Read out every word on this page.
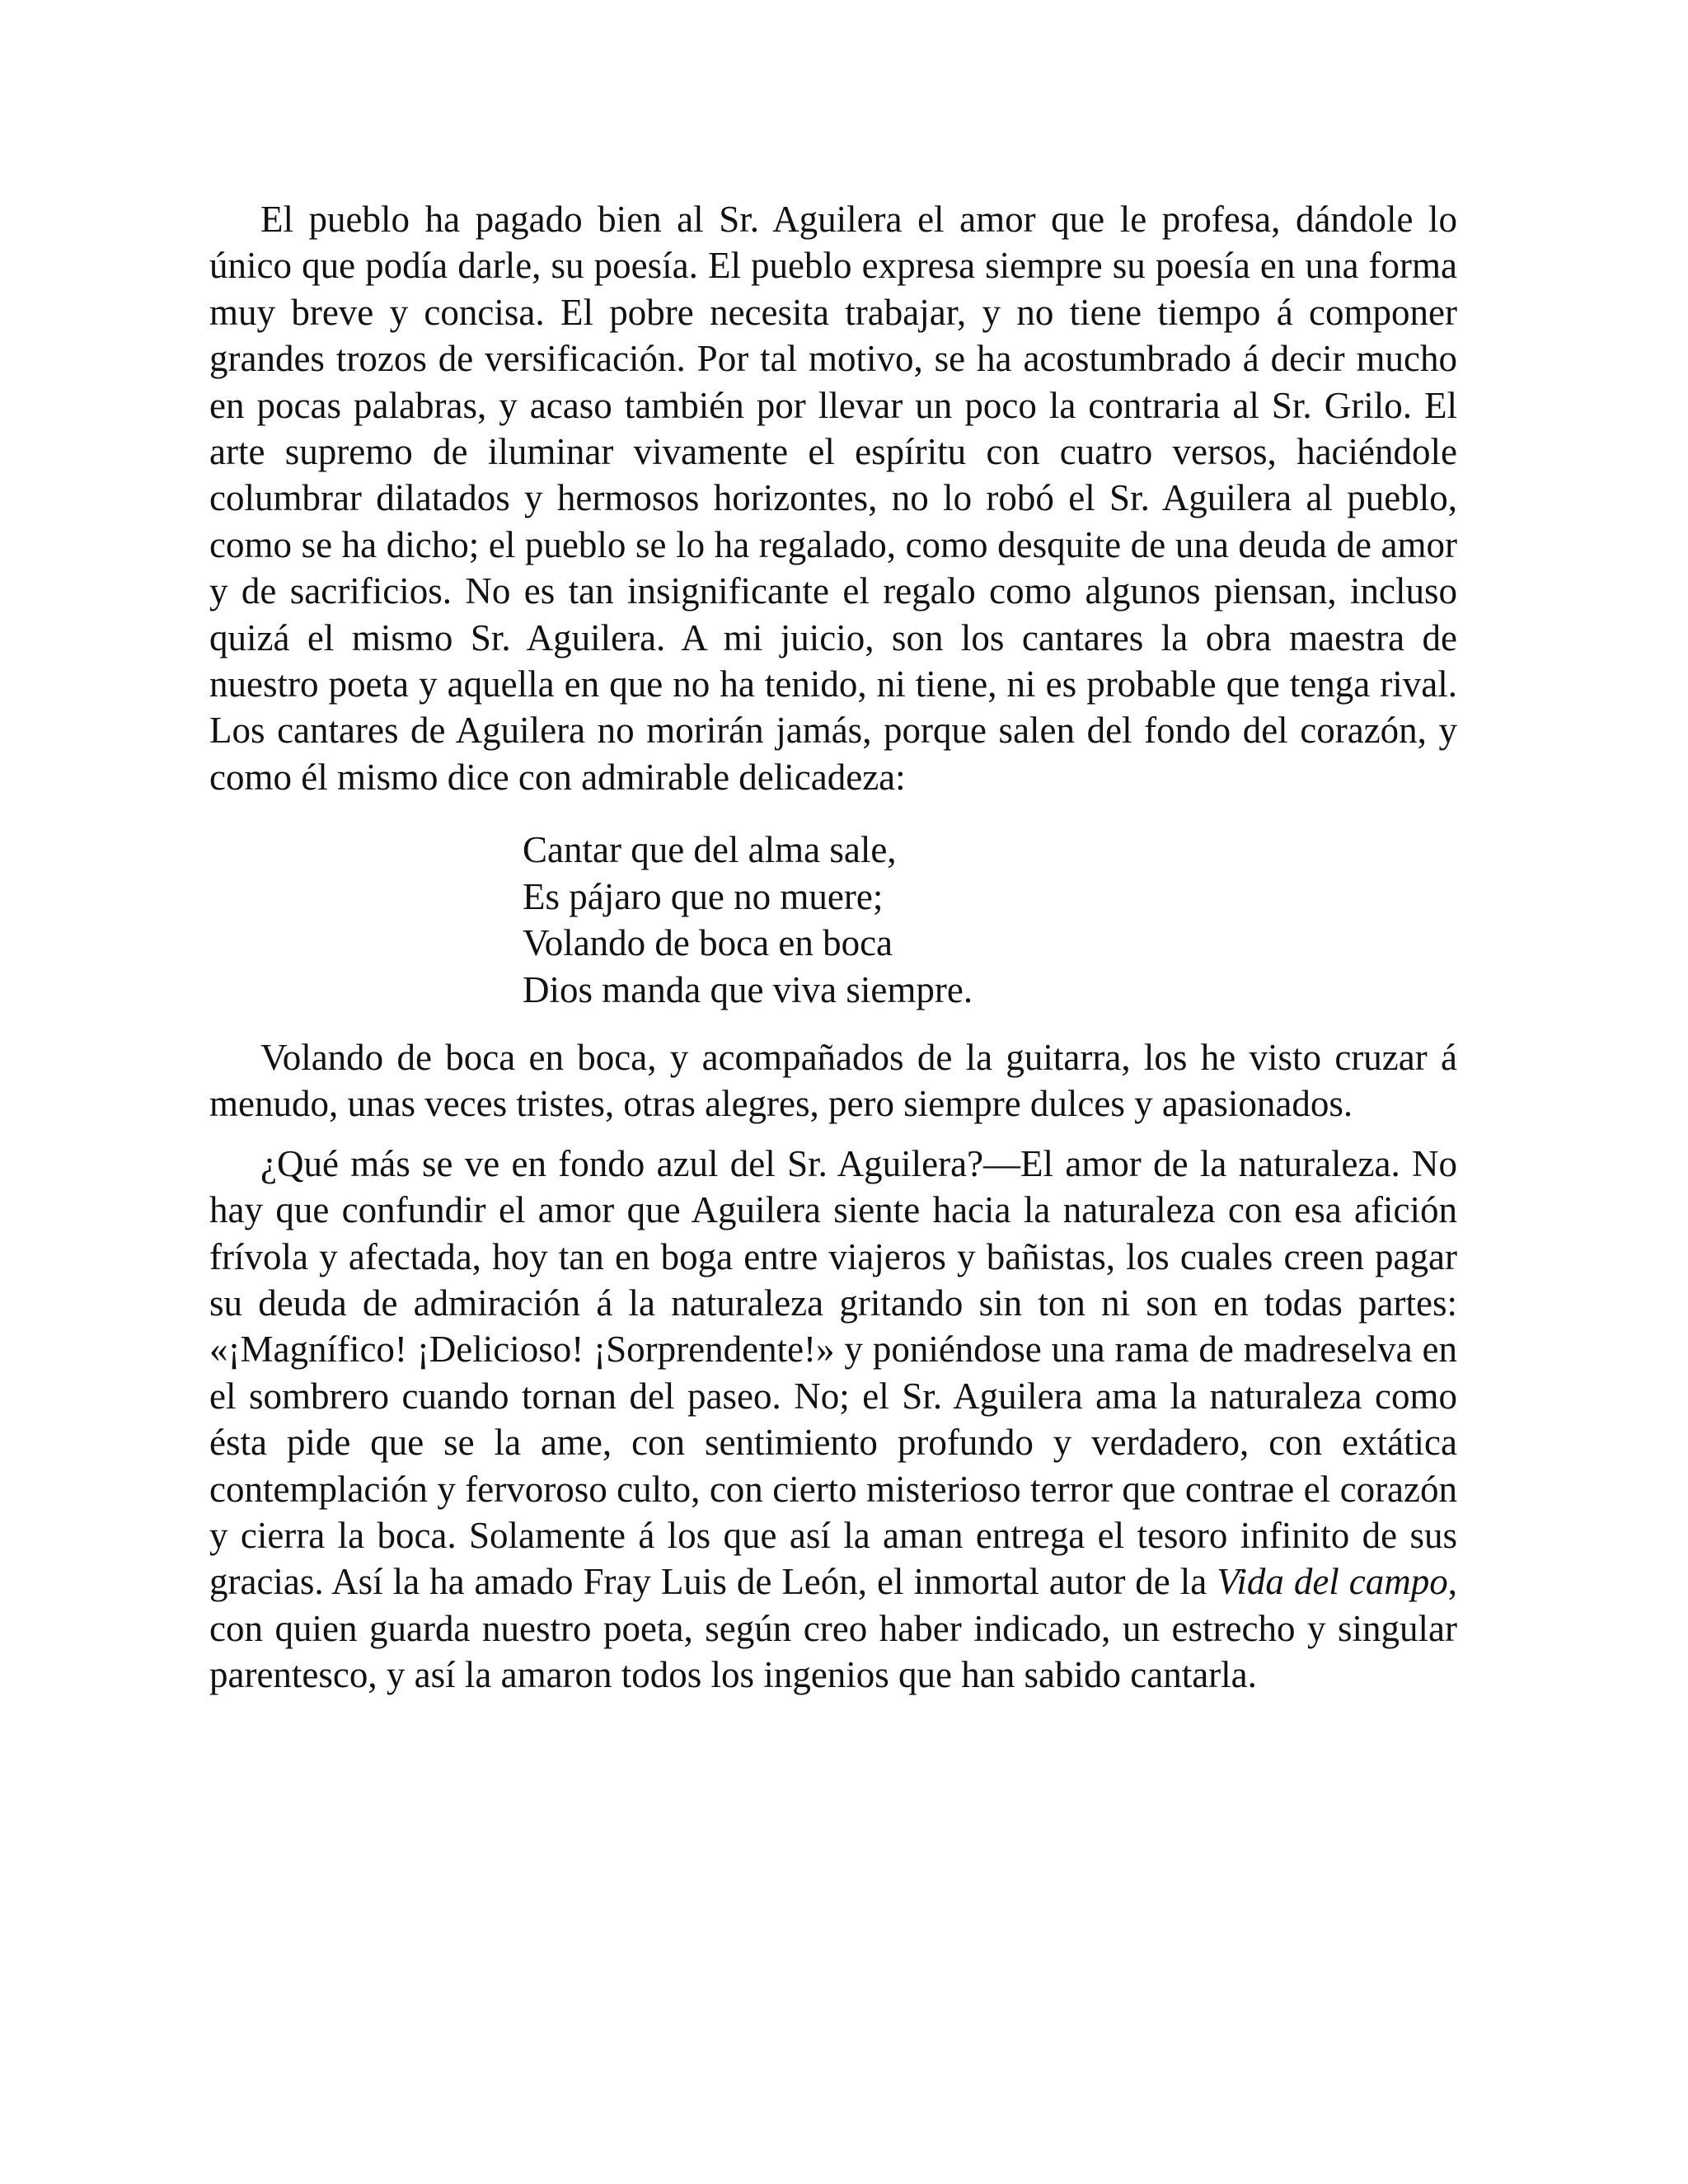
El pueblo ha pagado bien al Sr. Aguilera el amor que le profesa, dándole lo único que podía darle, su poesía. El pueblo expresa siempre su poesía en una forma muy breve y concisa. El pobre necesita trabajar, y no tiene tiempo á componer grandes trozos de versificación. Por tal motivo, se ha acostumbrado á decir mucho en pocas palabras, y acaso también por llevar un poco la contraria al Sr. Grilo. El arte supremo de iluminar vivamente el espíritu con cuatro versos, haciéndole columbrar dilatados y hermosos horizontes, no lo robó el Sr. Aguilera al pueblo, como se ha dicho; el pueblo se lo ha regalado, como desquite de una deuda de amor y de sacrificios. No es tan insignificante el regalo como algunos piensan, incluso quizá el mismo Sr. Aguilera. A mi juicio, son los cantares la obra maestra de nuestro poeta y aquella en que no ha tenido, ni tiene, ni es probable que tenga rival. Los cantares de Aguilera no morirán jamás, porque salen del fondo del corazón, y como él mismo dice con admirable delicadeza:

Cantar que del alma sale,
Es pájaro que no muere;
Volando de boca en boca
Dios manda que viva siempre.

Volando de boca en boca, y acompañados de la guitarra, los he visto cruzar á menudo, unas veces tristes, otras alegres, pero siempre dulces y apasionados.

¿Qué más se ve en fondo azul del Sr. Aguilera?—El amor de la naturaleza. No hay que confundir el amor que Aguilera siente hacia la naturaleza con esa afición frívola y afectada, hoy tan en boga entre viajeros y bañistas, los cuales creen pagar su deuda de admiración á la naturaleza gritando sin ton ni son en todas partes: «¡Magnífico! ¡Delicioso! ¡Sorprendente!» y poniéndose una rama de madreselva en el sombrero cuando tornan del paseo. No; el Sr. Aguilera ama la naturaleza como ésta pide que se la ame, con sentimiento profundo y verdadero, con extática contemplación y fervoroso culto, con cierto misterioso terror que contrae el corazón y cierra la boca. Solamente á los que así la aman entrega el tesoro infinito de sus gracias. Así la ha amado Fray Luis de León, el inmortal autor de la Vida del campo, con quien guarda nuestro poeta, según creo haber indicado, un estrecho y singular parentesco, y así la amaron todos los ingenios que han sabido cantarla.
